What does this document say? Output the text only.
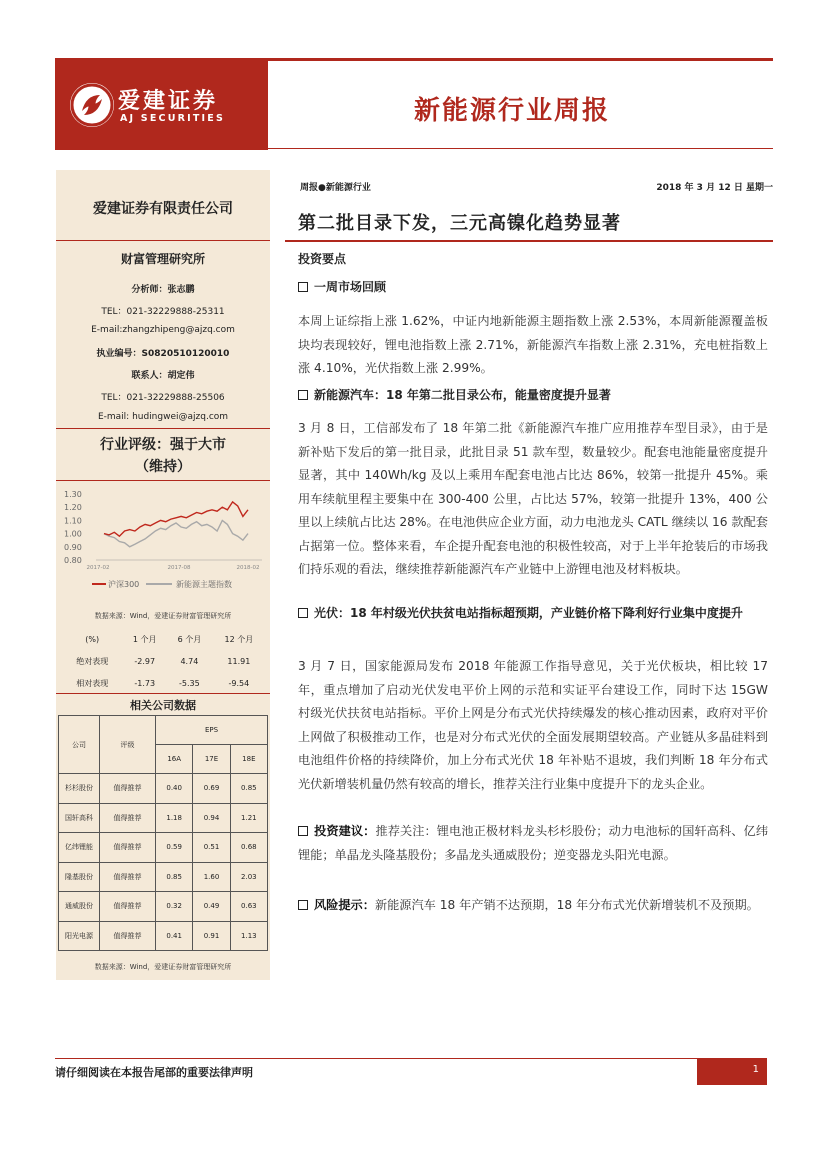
爱建证券
AJ SECURITIES	新能源行业周报
爱建证券有限责任公司
财富管理研究所
分析师：张志鹏
TEL：021-32229888-25311
E-mail:zhangzhipeng@ajzq.com
执业编号：S0820510120010
联系人：胡定伟
TEL：021-32229888-25506
E-mail: hudingwei@ajzq.com
行业评级：强于大市
（维持）
1.30
1.20
1.10
1.00
0.90
0.80
2017-02	2017-08	2018-02
沪深300	新能源主题指数
数据来源：Wind，爱建证券财富管理研究所
(%)	1 个月	6 个月	12 个月
绝对表现	-2.97	4.74	11.91
相对表现	-1.73	-5.35	-9.54
相关公司数据
公司	评级	EPS		
		16A	17E	18E
杉杉股份	值得推荐	0.40	0.69	0.85
国轩高科	值得推荐	1.18	0.94	1.21
亿纬锂能	值得推荐	0.59	0.51	0.68
隆基股份	值得推荐	0.85	1.60	2.03
通威股份	值得推荐	0.32	0.49	0.63
阳光电源	值得推荐	0.41	0.91	1.13
数据来源：Wind，爱建证券财富管理研究所
周报●新能源行业	2018 年 3 月 12 日 星期一
第二批目录下发，三元高镍化趋势显著
投资要点
一周市场回顾
本周上证综指上涨 1.62%，中证内地新能源主题指数上涨 2.53%，本周新能源覆盖板块均表现较好，锂电池指数上涨 2.71%，新能源汽车指数上涨 2.31%，充电桩指数上涨 4.10%，光伏指数上涨 2.99%。
新能源汽车：18 年第二批目录公布，能量密度提升显著
3 月 8 日，工信部发布了 18 年第二批《新能源汽车推广应用推荐车型目录》，由于是新补贴下发后的第一批目录，此批目录 51 款车型，数量较少。配套电池能量密度提升显著，其中 140Wh/kg 及以上乘用车配套电池占比达 86%，较第一批提升 45%。乘用车续航里程主要集中在 300-400 公里，占比达 57%，较第一批提升 13%，400 公里以上续航占比达 28%。在电池供应企业方面，动力电池龙头 CATL 继续以 16 款配套占据第一位。整体来看，车企提升配套电池的积极性较高，对于上半年抢装后的市场我们持乐观的看法，继续推荐新能源汽车产业链中上游锂电池及材料板块。
光伏：18 年村级光伏扶贫电站指标超预期，产业链价格下降利好行业集中度提升
3 月 7 日，国家能源局发布 2018 年能源工作指导意见，关于光伏板块，相比较 17 年，重点增加了启动光伏发电平价上网的示范和实证平台建设工作，同时下达 15GW 村级光伏扶贫电站指标。平价上网是分布式光伏持续爆发的核心推动因素，政府对平价上网做了积极推动工作，也是对分布式光伏的全面发展期望较高。产业链从多晶硅料到电池组件价格的持续降价，加上分布式光伏 18 年补贴不退坡，我们判断 18 年分布式光伏新增装机量仍然有较高的增长，推荐关注行业集中度提升下的龙头企业。
投资建议：推荐关注：锂电池正极材料龙头杉杉股份；动力电池标的国轩高科、亿纬锂能；单晶龙头隆基股份；多晶龙头通威股份；逆变器龙头阳光电源。
风险提示：新能源汽车 18 年产销不达预期，18 年分布式光伏新增装机不及预期。
请仔细阅读在本报告尾部的重要法律声明	1
